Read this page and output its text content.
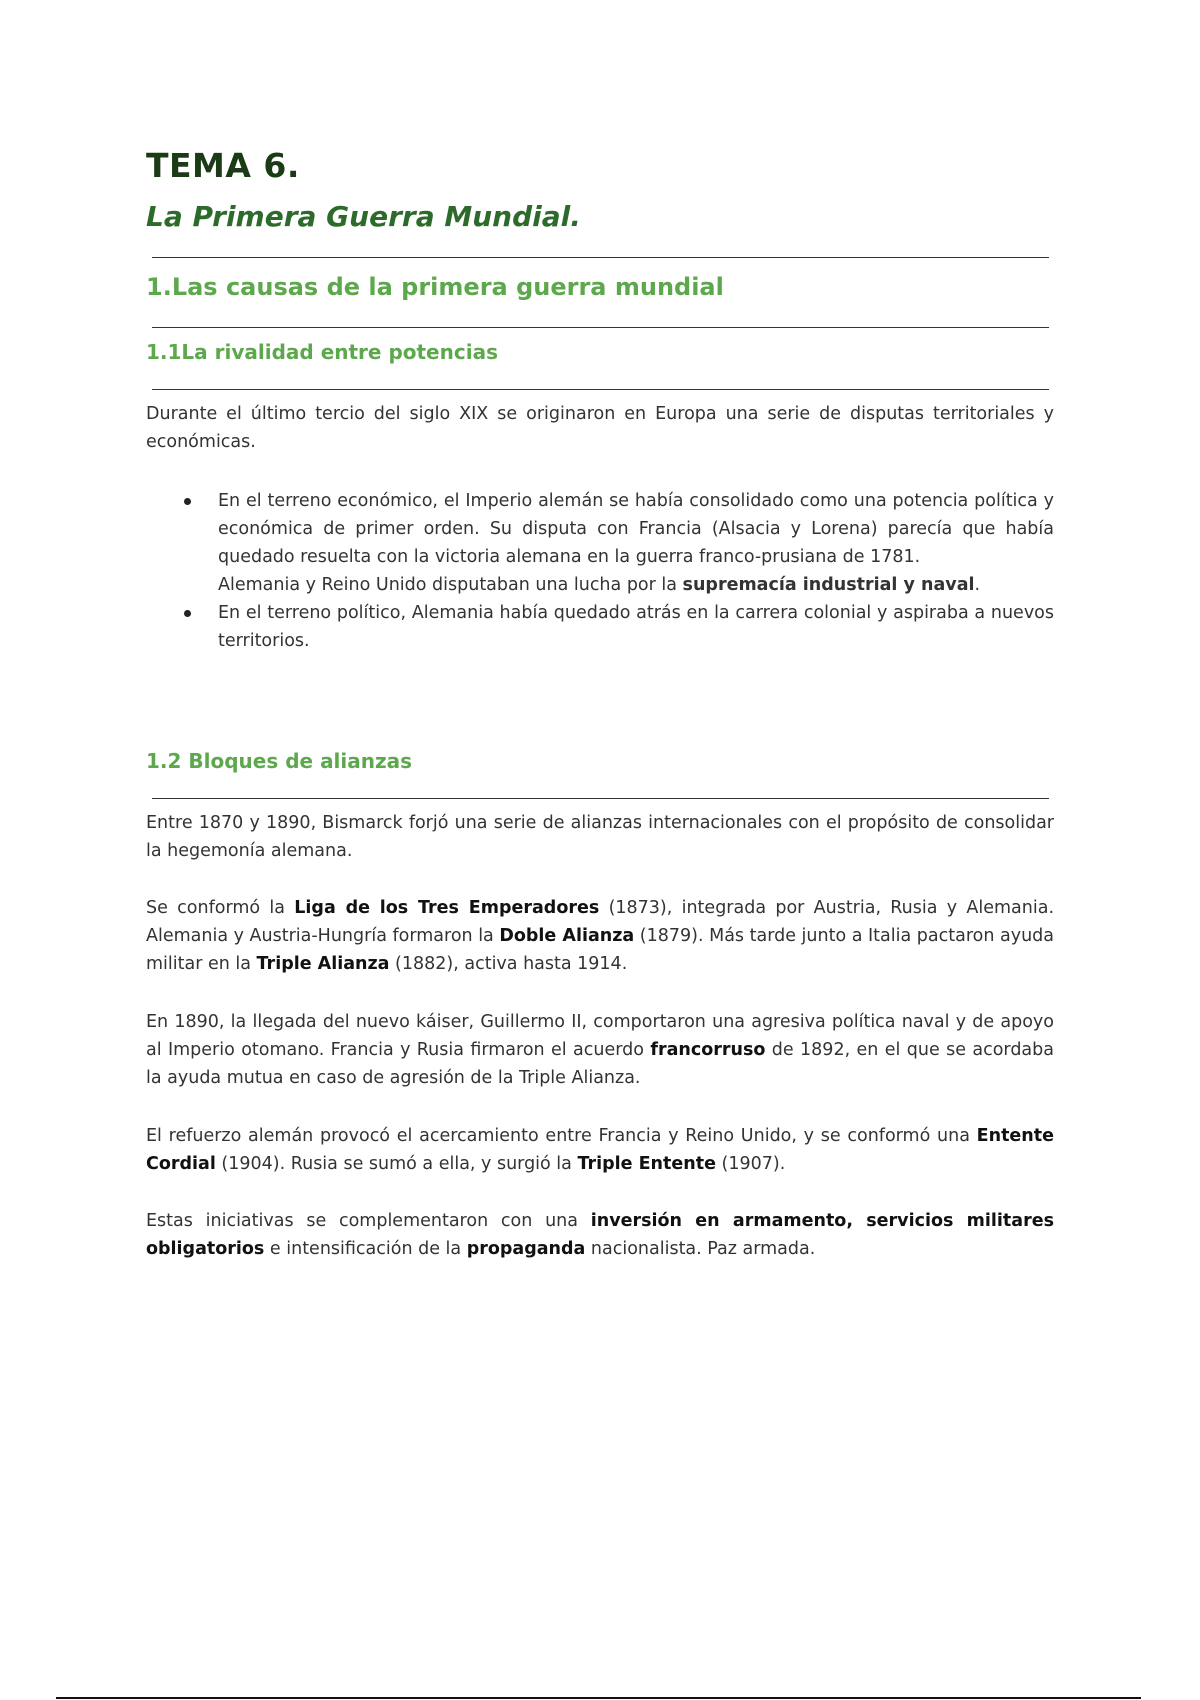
TEMA 6.
La Primera Guerra Mundial.
1.Las causas de la primera guerra mundial
1.1La rivalidad entre potencias

Durante el último tercio del siglo XIX se originaron en Europa una serie de disputas territoriales y económicas.

En el terreno económico, el Imperio alemán se había consolidado como una potencia política y económica de primer orden. Su disputa con Francia (Alsacia y Lorena) parecía que había quedado resuelta con la victoria alemana en la guerra franco-prusiana de 1781.
Alemania y Reino Unido disputaban una lucha por la supremacía industrial y naval.
En el terreno político, Alemania había quedado atrás en la carrera colonial y aspiraba a nuevos territorios.
1.2 Bloques de alianzas

Entre 1870 y 1890, Bismarck forjó una serie de alianzas internacionales con el propósito de consolidar la hegemonía alemana.

Se conformó la Liga de los Tres Emperadores (1873), integrada por Austria, Rusia y Alemania. Alemania y Austria-Hungría formaron la Doble Alianza (1879). Más tarde junto a Italia pactaron ayuda militar en la Triple Alianza (1882), activa hasta 1914.

En 1890, la llegada del nuevo káiser, Guillermo II, comportaron una agresiva política naval y de apoyo al Imperio otomano. Francia y Rusia firmaron el acuerdo francorruso de 1892, en el que se acordaba la ayuda mutua en caso de agresión de la Triple Alianza.

El refuerzo alemán provocó el acercamiento entre Francia y Reino Unido, y se conformó una Entente Cordial (1904). Rusia se sumó a ella, y surgió la Triple Entente (1907).

Estas iniciativas se complementaron con una inversión en armamento, servicios militares obligatorios e intensificación de la propaganda nacionalista. Paz armada.
